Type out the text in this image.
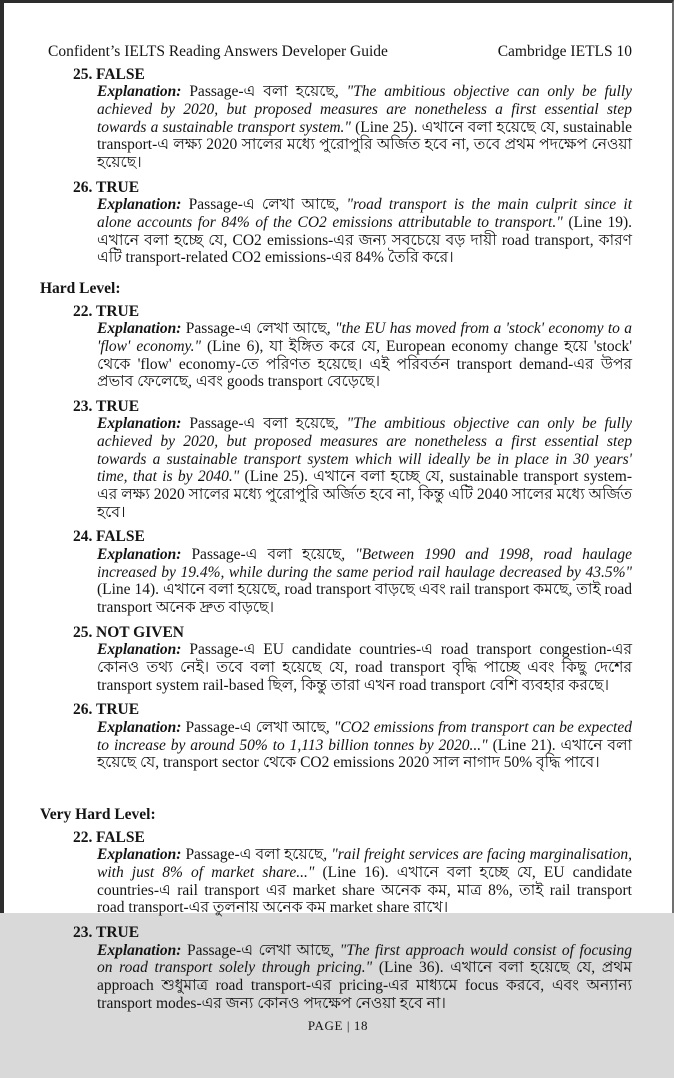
Confident’s IELTS Reading Answers Developer Guide	Cambridge IETLS 10
25. FALSE

Explanation: Passage-এ বলা হয়েছে, "The ambitious objective can only be fully achieved by 2020, but proposed measures are nonetheless a first essential step towards a sustainable transport system." (Line 25). এখানে বলা হয়েছে যে, sustainable transport-এ লক্ষ্য 2020 সালের মধ্যে পুরোপুরি অর্জিত হবে না, তবে প্রথম পদক্ষেপ নেওয়া হয়েছে।

26. TRUE

Explanation: Passage-এ লেখা আছে, "road transport is the main culprit since it alone accounts for 84% of the CO2 emissions attributable to transport." (Line 19). এখানে বলা হচ্ছে যে, CO2 emissions-এর জন্য সবচেয়ে বড় দায়ী road transport, কারণ এটি transport-related CO2 emissions-এর 84% তৈরি করে।

Hard Level:
22. TRUE

Explanation: Passage-এ লেখা আছে, "the EU has moved from a 'stock' economy to a 'flow' economy." (Line 6), যা ইঙ্গিত করে যে, European economy change হয়ে 'stock' থেকে 'flow' economy-তে পরিণত হয়েছে। এই পরিবর্তন transport demand-এর উপর প্রভাব ফেলেছে, এবং goods transport বেড়েছে।

23. TRUE

Explanation: Passage-এ বলা হয়েছে, "The ambitious objective can only be fully achieved by 2020, but proposed measures are nonetheless a first essential step towards a sustainable transport system which will ideally be in place in 30 years' time, that is by 2040." (Line 25). এখানে বলা হচ্ছে যে, sustainable transport system-এর লক্ষ্য 2020 সালের মধ্যে পুরোপুরি অর্জিত হবে না, কিন্তু এটি 2040 সালের মধ্যে অর্জিত হবে।

24. FALSE

Explanation: Passage-এ বলা হয়েছে, "Between 1990 and 1998, road haulage increased by 19.4%, while during the same period rail haulage decreased by 43.5%" (Line 14). এখানে বলা হয়েছে, road transport বাড়ছে এবং rail transport কমছে, তাই road transport অনেক দ্রুত বাড়ছে।

25. NOT GIVEN

Explanation: Passage-এ EU candidate countries-এ road transport congestion-এর কোনও তথ্য নেই। তবে বলা হয়েছে যে, road transport বৃদ্ধি পাচ্ছে এবং কিছু দেশের transport system rail-based ছিল, কিন্তু তারা এখন road transport বেশি ব্যবহার করছে।

26. TRUE

Explanation: Passage-এ লেখা আছে, "CO2 emissions from transport can be expected to increase by around 50% to 1,113 billion tonnes by 2020..." (Line 21). এখানে বলা হয়েছে যে, transport sector থেকে CO2 emissions 2020 সাল নাগাদ 50% বৃদ্ধি পাবে।

Very Hard Level:
22. FALSE

Explanation: Passage-এ বলা হয়েছে, "rail freight services are facing marginalisation, with just 8% of market share..." (Line 16). এখানে বলা হচ্ছে যে, EU candidate countries-এ rail transport এর market share অনেক কম, মাত্র 8%, তাই rail transport road transport-এর তুলনায় অনেক কম market share রাখে।

23. TRUE

Explanation: Passage-এ লেখা আছে, "The first approach would consist of focusing on road transport solely through pricing." (Line 36). এখানে বলা হয়েছে যে, প্রথম approach শুধুমাত্র road transport-এর pricing-এর মাধ্যমে focus করবে, এবং অন্যান্য transport modes-এর জন্য কোনও পদক্ষেপ নেওয়া হবে না।

PAGE | 18
